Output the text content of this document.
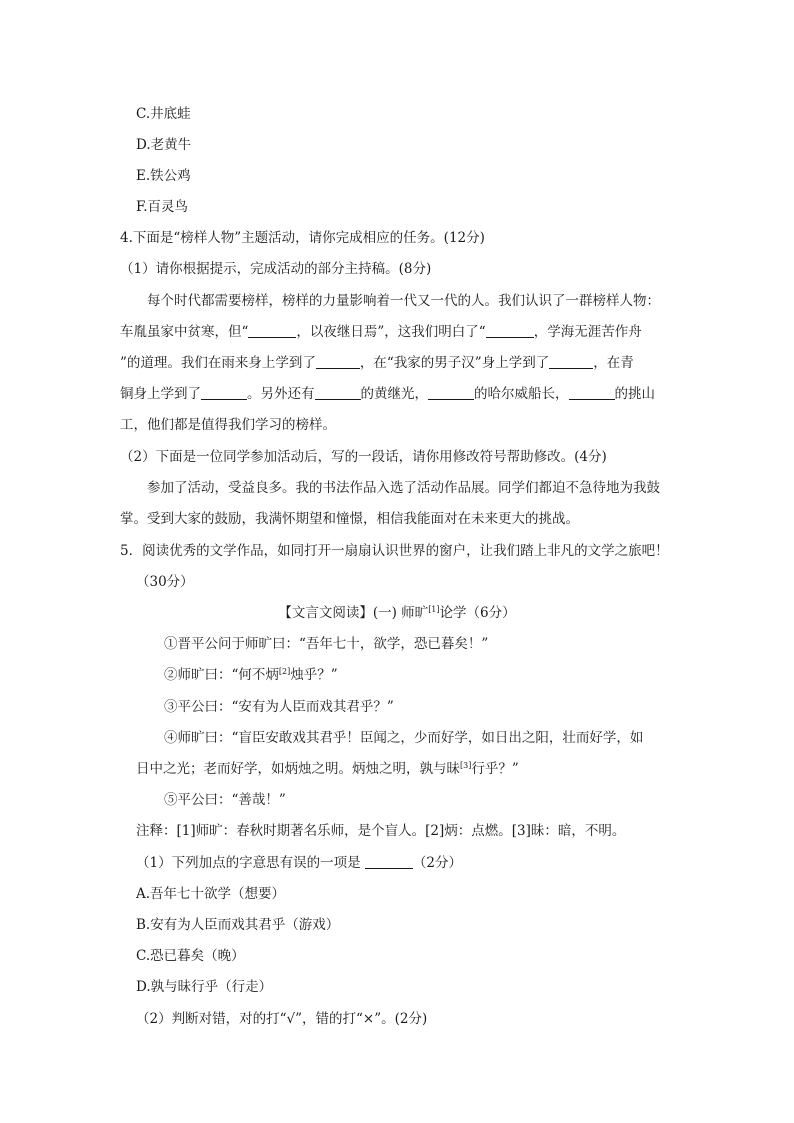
C.井底蛙
D.老黄牛
E.铁公鸡
F.百灵鸟
4.下面是“榜样人物”主题活动，请你完成相应的任务。(12分)
（1）请你根据提示，完成活动的部分主持稿。(8分)
每个时代都需要榜样，榜样的力量影响着一代又一代的人。我们认识了一群榜样人物：
车胤虽家中贫寒，但“	，以夜继日焉”，这我们明白了“	，学海无涯苦作舟
”的道理。我们在雨来身上学到了	，在“我家的男子汉”身上学到了	，在青
铜身上学到了	。另外还有	的黄继光，	的哈尔威船长，	的挑山
工，他们都是值得我们学习的榜样。
（2）下面是一位同学参加活动后，写的一段话，请你用修改符号帮助修改。(4分)
参加了活动，受益良多。我的书法作品入选了活动作品展。同学们都迫不急待地为我鼓
掌。受到大家的鼓励，我满怀期望和憧憬，相信我能面对在未来更大的挑战。
5．阅读优秀的文学作品，如同打开一扇扇认识世界的窗户，让我们踏上非凡的文学之旅吧！
（30分）
【文言文阅读】(一) 师旷[1]论学（6分）
①晋平公问于师旷曰：“吾年七十，欲学，恐已暮矣！”
②师旷曰：“何不炳[2]烛乎？”
③平公曰：“安有为人臣而戏其君乎？”
④师旷曰：“盲臣安敢戏其君乎！臣闻之，少而好学，如日出之阳，壮而好学，如
日中之光；老而好学，如炳烛之明。炳烛之明，孰与昧[3]行乎？”
⑤平公曰：“善哉！”
注释：[1]师旷：春秋时期著名乐师，是个盲人。[2]炳：点燃。[3]昧：暗，不明。
（1）下列加点的字意思有误的一项是	（2分）
A.吾年七十欲学（想要）
B.安有为人臣而戏其君乎（游戏）
C.恐已暮矣（晚）
D.孰与昧行乎（行走）
（2）判断对错，对的打“√”，错的打“×”。(2分)
